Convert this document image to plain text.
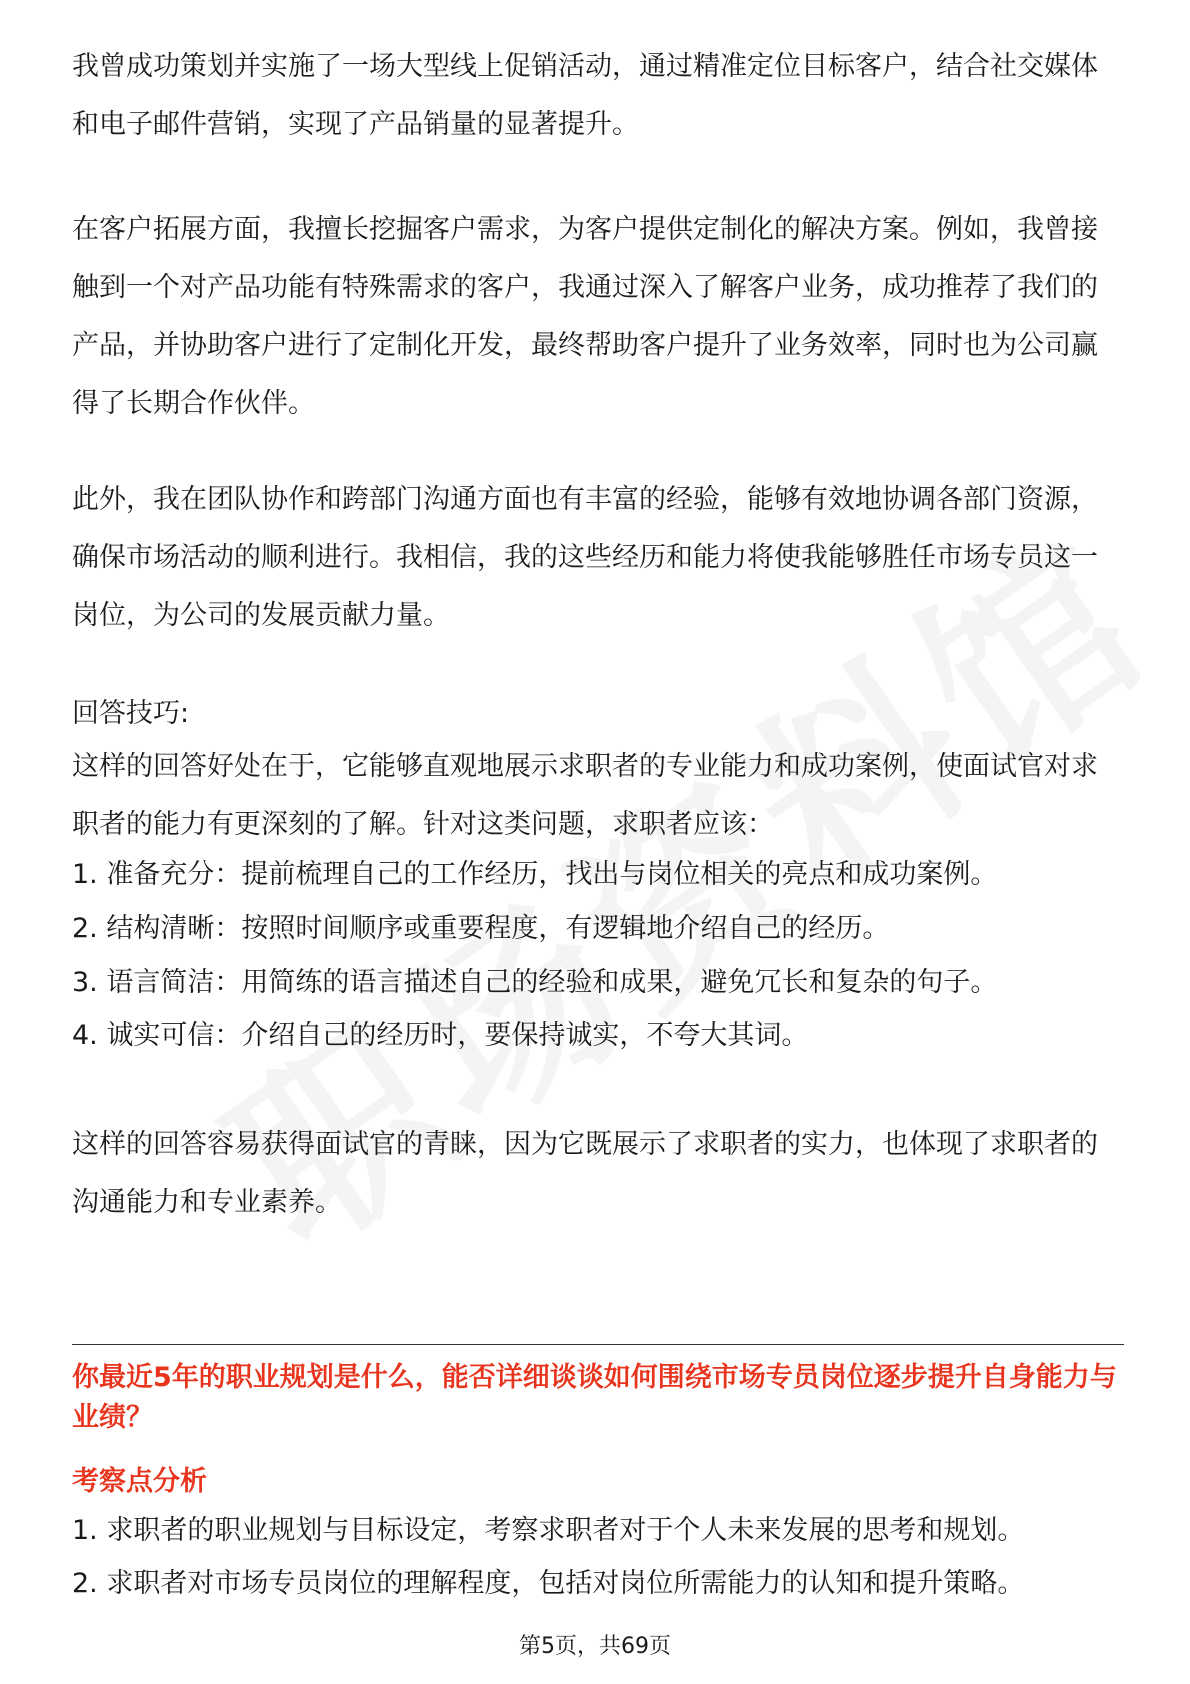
我曾成功策划并实施了一场大型线上促销活动，通过精准定位目标客户，结合社交媒体和电子邮件营销，实现了产品销量的显著提升。

在客户拓展方面，我擅长挖掘客户需求，为客户提供定制化的解决方案。例如，我曾接触到一个对产品功能有特殊需求的客户，我通过深入了解客户业务，成功推荐了我们的产品，并协助客户进行了定制化开发，最终帮助客户提升了业务效率，同时也为公司赢得了长期合作伙伴。

此外，我在团队协作和跨部门沟通方面也有丰富的经验，能够有效地协调各部门资源，确保市场活动的顺利进行。我相信，我的这些经历和能力将使我能够胜任市场专员这一岗位，为公司的发展贡献力量。

回答技巧:

这样的回答好处在于，它能够直观地展示求职者的专业能力和成功案例，使面试官对求职者的能力有更深刻的了解。针对这类问题，求职者应该：

1. 准备充分：提前梳理自己的工作经历，找出与岗位相关的亮点和成功案例。

2. 结构清晰：按照时间顺序或重要程度，有逻辑地介绍自己的经历。

3. 语言简洁：用简练的语言描述自己的经验和成果，避免冗长和复杂的句子。

4. 诚实可信：介绍自己的经历时，要保持诚实，不夸大其词。

这样的回答容易获得面试官的青睐，因为它既展示了求职者的实力，也体现了求职者的沟通能力和专业素养。

你最近5年的职业规划是什么，能否详细谈谈如何围绕市场专员岗位逐步提升自身能力与业绩？

考察点分析

1. 求职者的职业规划与目标设定，考察求职者对于个人未来发展的思考和规划。

2. 求职者对市场专员岗位的理解程度，包括对岗位所需能力的认知和提升策略。

第5页，共69页
